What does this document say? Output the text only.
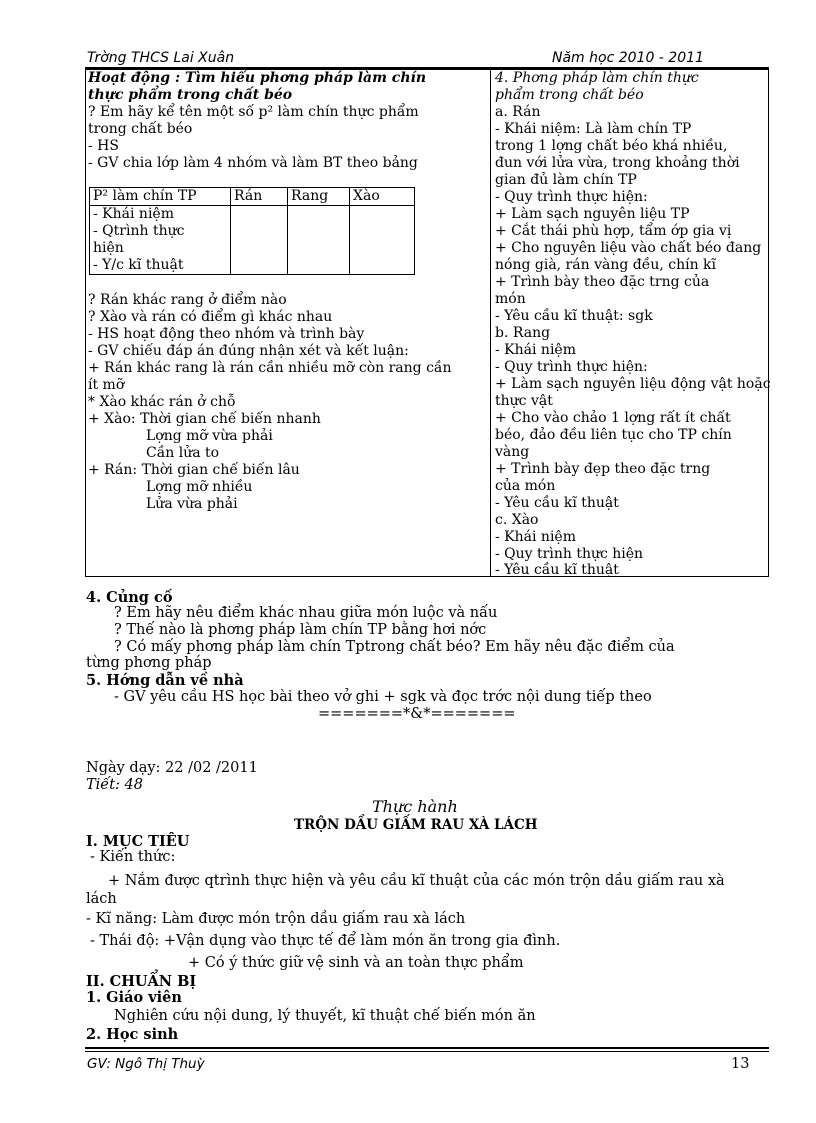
Trờng THCS Lai Xuân	Năm học 2010 - 2011
Hoạt động : Tìm hiểu phơng pháp làm chín
thực phẩm trong chất béo
? Em hãy kể tên một số p² làm chín thực phẩm
trong chất béo
- HS
- GV chia lớp làm 4 nhóm và làm BT theo bảng
P² làm chín TP	Rán	Rang	Xào

- Khái niệm
- Qtrình thực
hiện
- Y/c kĩ thuật			

? Rán khác rang ở điểm nào
? Xào và rán có điểm gì khác nhau
- HS hoạt động theo nhóm và trình bày
- GV chiếu đáp án đúng nhận xét và kết luận:
+ Rán khác rang là rán cần nhiều mỡ còn rang cần
ít mỡ
* Xào khác rán ở chỗ
+ Xào: Thời gian chế biến nhanh
Lợng mỡ vừa phải
Cần lửa to
+ Rán: Thời gian chế biến lâu
Lợng mỡ nhiều
Lửa vừa phải
4. Phơng pháp làm chín thực
phẩm trong chất béo
a. Rán
- Khái niệm: Là làm chín TP
trong 1 lợng chất béo khá nhiều,
đun với lửa vừa, trong khoảng thời
gian đủ làm chín TP
- Quy trình thực hiện:
+ Làm sạch nguyên liệu TP
+ Cắt thái phù hợp, tẩm ớp gia vị
+ Cho nguyên liệu vào chất béo đang
nóng già, rán vàng đều, chín kĩ
+ Trình bày theo đặc trng của
món
- Yêu cầu kĩ thuật: sgk
b. Rang
- Khái niệm
- Quy trình thực hiện:
+ Làm sạch nguyên liệu động vật hoặc
thực vật
+ Cho vào chảo 1 lợng rất ít chất
béo, đảo đều liên tục cho TP chín
vàng
+ Trình bày đẹp theo đặc trng
của món
- Yêu cầu kĩ thuật
c. Xào
- Khái niệm
- Quy trình thực hiện
- Yêu cầu kĩ thuật
4. Củng cố
? Em hãy nêu điểm khác nhau giữa món luộc và nấu
? Thế nào là phơng pháp làm chín TP bằng hơi nớc
? Có mấy phơng pháp làm chín Tptrong chất béo? Em hãy nêu đặc điểm của
từng phơng pháp
5. Hớng dẫn về nhà
- GV yêu cầu HS học bài theo vở ghi + sgk và đọc trớc nội dung tiếp theo
=======*&*=======
Ngày dạy: 22 /02 /2011
Tiết: 48
Thực hành
TRỘN DẦU GIẤM RAU XÀ LÁCH
I. MỤC TIÊU
- Kiến thức:
+ Nắm được qtrình thực hiện và yêu cầu kĩ thuật của các món trộn dầu giấm rau xà
lách
- Kĩ năng: Làm được món trộn dầu giấm rau xà lách
- Thái độ: +Vận dụng vào thực tế để làm món ăn trong gia đình.
+ Có ý thức giữ vệ sinh và an toàn thực phẩm
II. CHUẨN BỊ
1. Giáo viên
Nghiên cứu nội dung, lý thuyết, kĩ thuật chế biến món ăn
2. Học sinh
GV: Ngô Thị Thuỳ	13
